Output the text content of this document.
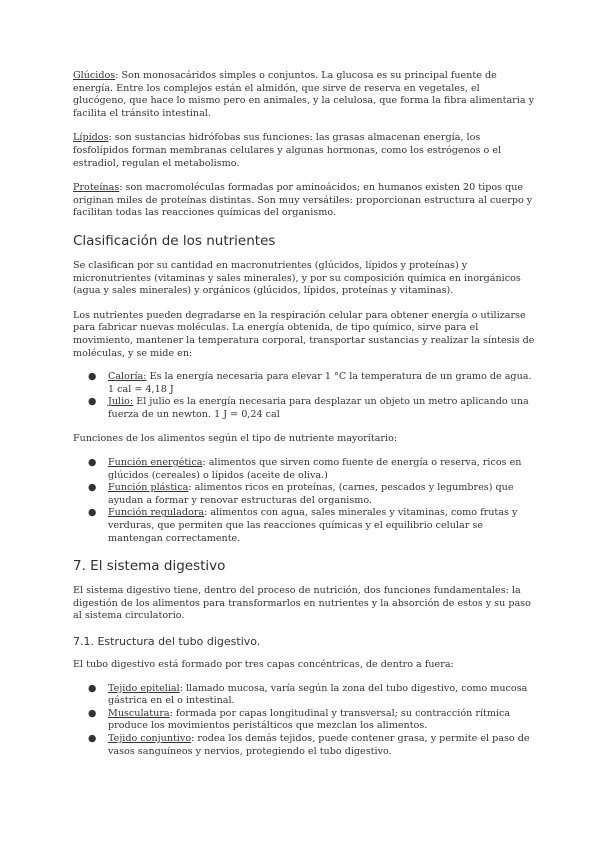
Glúcidos: Son monosacáridos simples o conjuntos. La glucosa es su principal fuente de energía. Entre los complejos están el almidón, que sirve de reserva en vegetales, el glucógeno, que hace lo mismo pero en animales, y la celulosa, que forma la fibra alimentaria y facilita el tránsito intestinal.

Lípidos: son sustancias hidrófobas sus funciones: las grasas almacenan energía, los fosfolípidos forman membranas celulares y algunas hormonas, como los estrógenos o el estradiol, regulan el metabolismo.

Proteínas: son macromoléculas formadas por aminoácidos; en humanos existen 20 tipos que originan miles de proteínas distintas. Son muy versátiles: proporcionan estructura al cuerpo y facilitan todas las reacciones químicas del organismo.

Clasificación de los nutrientes

Se clasifican por su cantidad en macronutrientes (glúcidos, lípidos y proteínas) y micronutrientes (vitaminas y sales minerales), y por su composición química en inorgánicos (agua y sales minerales) y orgánicos (glúcidos, lípidos, proteínas y vitaminas).

Los nutrientes pueden degradarse en la respiración celular para obtener energía o utilizarse para fabricar nuevas moléculas. La energía obtenida, de tipo químico, sirve para el movimiento, mantener la temperatura corporal, transportar sustancias y realizar la síntesis de moléculas, y se mide en:

● Caloría: Es la energía necesaria para elevar 1 °C la temperatura de un gramo de agua. 1 cal = 4,18 J
● Julio: El julio es la energía necesaria para desplazar un objeto un metro aplicando una fuerza de un newton. 1 J = 0,24 cal

Funciones de los alimentos según el tipo de nutriente mayoritario:

● Función energética: alimentos que sirven como fuente de energía o reserva, ricos en glúcidos (cereales) o lípidos (aceite de oliva.)
● Función plástica: alimentos ricos en proteínas, (carnes, pescados y legumbres) que ayudan a formar y renovar estructuras del organismo.
● Función reguladora: alimentos con agua, sales minerales y vitaminas, como frutas y verduras, que permiten que las reacciones químicas y el equilibrio celular se mantengan correctamente.
7. El sistema digestivo

El sistema digestivo tiene, dentro del proceso de nutrición, dos funciones fundamentales: la digestión de los alimentos para transformarlos en nutrientes y la absorción de estos y su paso al sistema circulatorio.

7.1. Estructura del tubo digestivo.

El tubo digestivo está formado por tres capas concéntricas, de dentro a fuera:

● Tejido epitelial: llamado mucosa, varía según la zona del tubo digestivo, como mucosa gástrica en el o intestinal.
● Musculatura: formada por capas longitudinal y transversal; su contracción rítmica produce los movimientos peristálticos que mezclan los alimentos.
● Tejido conjuntivo: rodea los demás tejidos, puede contener grasa, y permite el paso de vasos sanguíneos y nervios, protegiendo el tubo digestivo.
